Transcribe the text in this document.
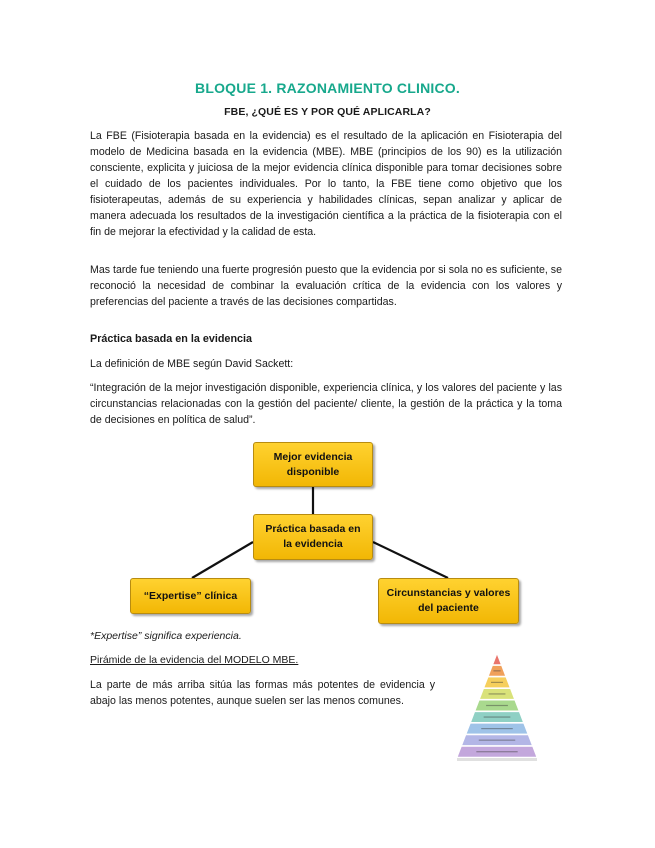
BLOQUE 1. RAZONAMIENTO CLINICO.
FBE, ¿QUÉ ES Y POR QUÉ APLICARLA?

La FBE (Fisioterapia basada en la evidencia) es el resultado de la aplicación en Fisioterapia del modelo de Medicina basada en la evidencia (MBE). MBE (principios de los 90) es la utilización consciente, explicita y juiciosa de la mejor evidencia clínica disponible para tomar decisiones sobre el cuidado de los pacientes individuales. Por lo tanto, la FBE tiene como objetivo que los fisioterapeutas, además de su experiencia y habilidades clínicas, sepan analizar y aplicar de manera adecuada los resultados de la investigación científica a la práctica de la fisioterapia con el fin de mejorar la efectividad y la calidad de esta.

Mas tarde fue teniendo una fuerte progresión puesto que la evidencia por si sola no es suficiente, se reconoció la necesidad de combinar la evaluación crítica de la evidencia con los valores y preferencias del paciente a través de las decisiones compartidas.

Práctica basada en la evidencia

La definición de MBE según David Sackett:

“Integración de la mejor investigación disponible, experiencia clínica, y los valores del paciente y las circunstancias relacionadas con la gestión del paciente/ cliente, la gestión de la práctica y la toma de decisiones en política de salud”.

Mejor evidencia disponible
Práctica basada en la evidencia
“Expertise” clínica	Circunstancias y valores del paciente
*Expertise” significa experiencia.
Pirámide de la evidencia del MODELO MBE.

La parte de más arriba sitúa las formas más potentes de evidencia y abajo las menos potentes, aunque suelen ser las menos comunes.
